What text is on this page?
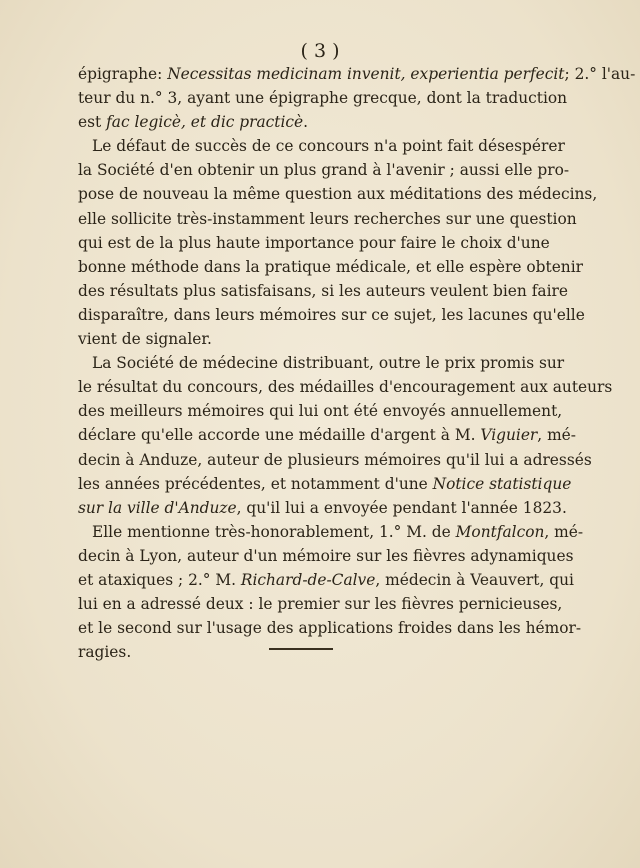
( 3 )
épigraphe: Necessitas medicinam invenit, experientia perfecit; 2.° l'au-
teur du n.° 3, ayant une épigraphe grecque, dont la traduction
est fac legicè, et dic practicè.
Le défaut de succès de ce concours n'a point fait désespérer
la Société d'en obtenir un plus grand à l'avenir ; aussi elle pro-
pose de nouveau la même question aux méditations des médecins,
elle sollicite très-instamment leurs recherches sur une question
qui est de la plus haute importance pour faire le choix d'une
bonne méthode dans la pratique médicale, et elle espère obtenir
des résultats plus satisfaisans, si les auteurs veulent bien faire
disparaître, dans leurs mémoires sur ce sujet, les lacunes qu'elle
vient de signaler.
La Société de médecine distribuant, outre le prix promis sur
le résultat du concours, des médailles d'encouragement aux auteurs
des meilleurs mémoires qui lui ont été envoyés annuellement,
déclare qu'elle accorde une médaille d'argent à M. Viguier, mé-
decin à Anduze, auteur de plusieurs mémoires qu'il lui a adressés
les années précédentes, et notamment d'une Notice statistique
sur la ville d'Anduze, qu'il lui a envoyée pendant l'année 1823.
Elle mentionne très-honorablement, 1.° M. de Montfalcon, mé-
decin à Lyon, auteur d'un mémoire sur les fièvres adynamiques
et ataxiques ; 2.° M. Richard-de-Calve, médecin à Veauvert, qui
lui en a adressé deux : le premier sur les fièvres pernicieuses,
et le second sur l'usage des applications froides dans les hémor-
ragies.
